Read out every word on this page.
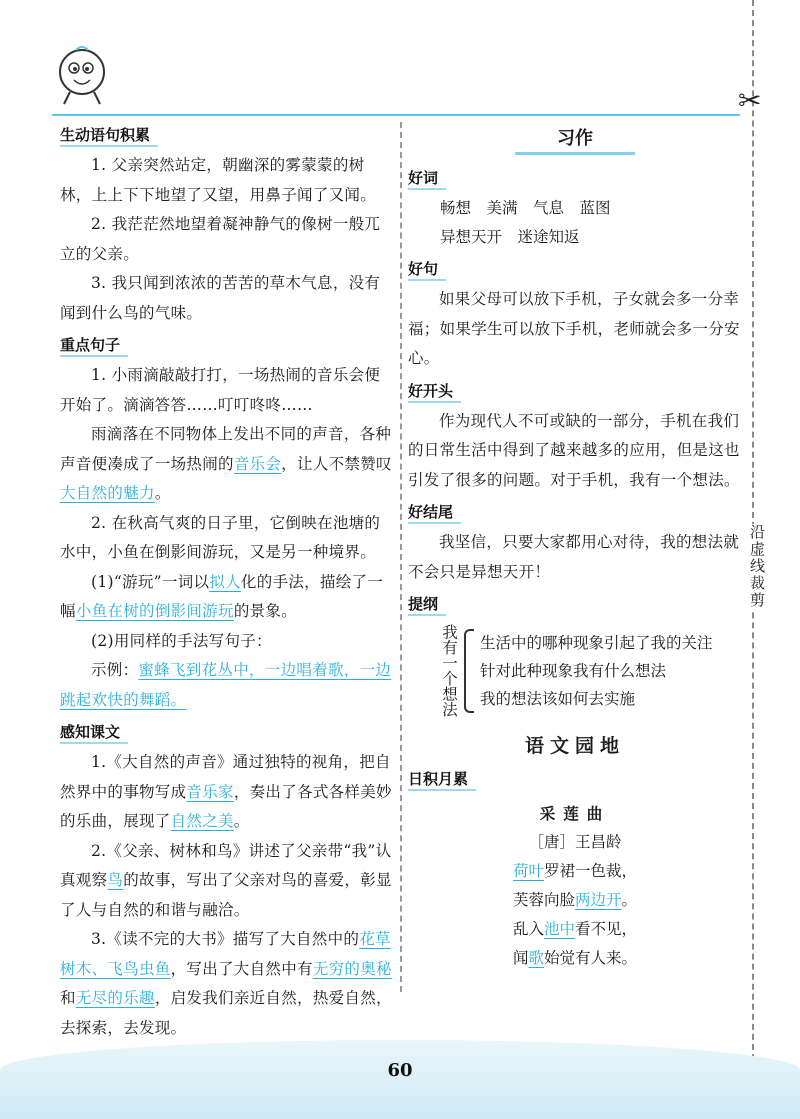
✂
沿虚线裁剪
生动语句积累

1. 父亲突然站定，朝幽深的雾蒙蒙的树林，上上下下地望了又望，用鼻子闻了又闻。

2. 我茫茫然地望着凝神静气的像树一般兀立的父亲。

3. 我只闻到浓浓的苦苦的草木气息，没有闻到什么鸟的气味。

重点句子

1. 小雨滴敲敲打打，一场热闹的音乐会便开始了。滴滴答答……叮叮咚咚……

雨滴落在不同物体上发出不同的声音，各种声音便凑成了一场热闹的音乐会，让人不禁赞叹大自然的魅力。

2. 在秋高气爽的日子里，它倒映在池塘的水中，小鱼在倒影间游玩，又是另一种境界。

(1)“游玩”一词以拟人化的手法，描绘了一幅小鱼在树的倒影间游玩的景象。

(2)用同样的手法写句子：

示例：蜜蜂飞到花丛中，一边唱着歌，一边跳起欢快的舞蹈。

感知课文

1.《大自然的声音》通过独特的视角，把自然界中的事物写成音乐家，奏出了各式各样美妙的乐曲，展现了自然之美。

2.《父亲、树林和鸟》讲述了父亲带“我”认真观察鸟的故事，写出了父亲对鸟的喜爱，彰显了人与自然的和谐与融洽。

3.《读不完的大书》描写了大自然中的花草树木、飞鸟虫鱼，写出了大自然中有无穷的奥秘和无尽的乐趣，启发我们亲近自然，热爱自然，去探索，去发现。

习作
好词

畅想　美满　气息　蓝图

异想天开　迷途知返

好句

如果父母可以放下手机，子女就会多一分幸福；如果学生可以放下手机，老师就会多一分安心。

好开头

作为现代人不可或缺的一部分，手机在我们的日常生活中得到了越来越多的应用，但是这也引发了很多的问题。对于手机，我有一个想法。

好结尾

我坚信，只要大家都用心对待，我的想法就不会只是异想天开！

提纲
我有一个想法 生活中的哪种现象引起了我的关注
针对此种现象我有什么想法
我的想法该如何去实施
语文园地
日积月累
采莲曲
［唐］王昌龄
荷叶罗裙一色裁，
芙蓉向脸两边开。
乱入池中看不见，
闻歌始觉有人来。
60
